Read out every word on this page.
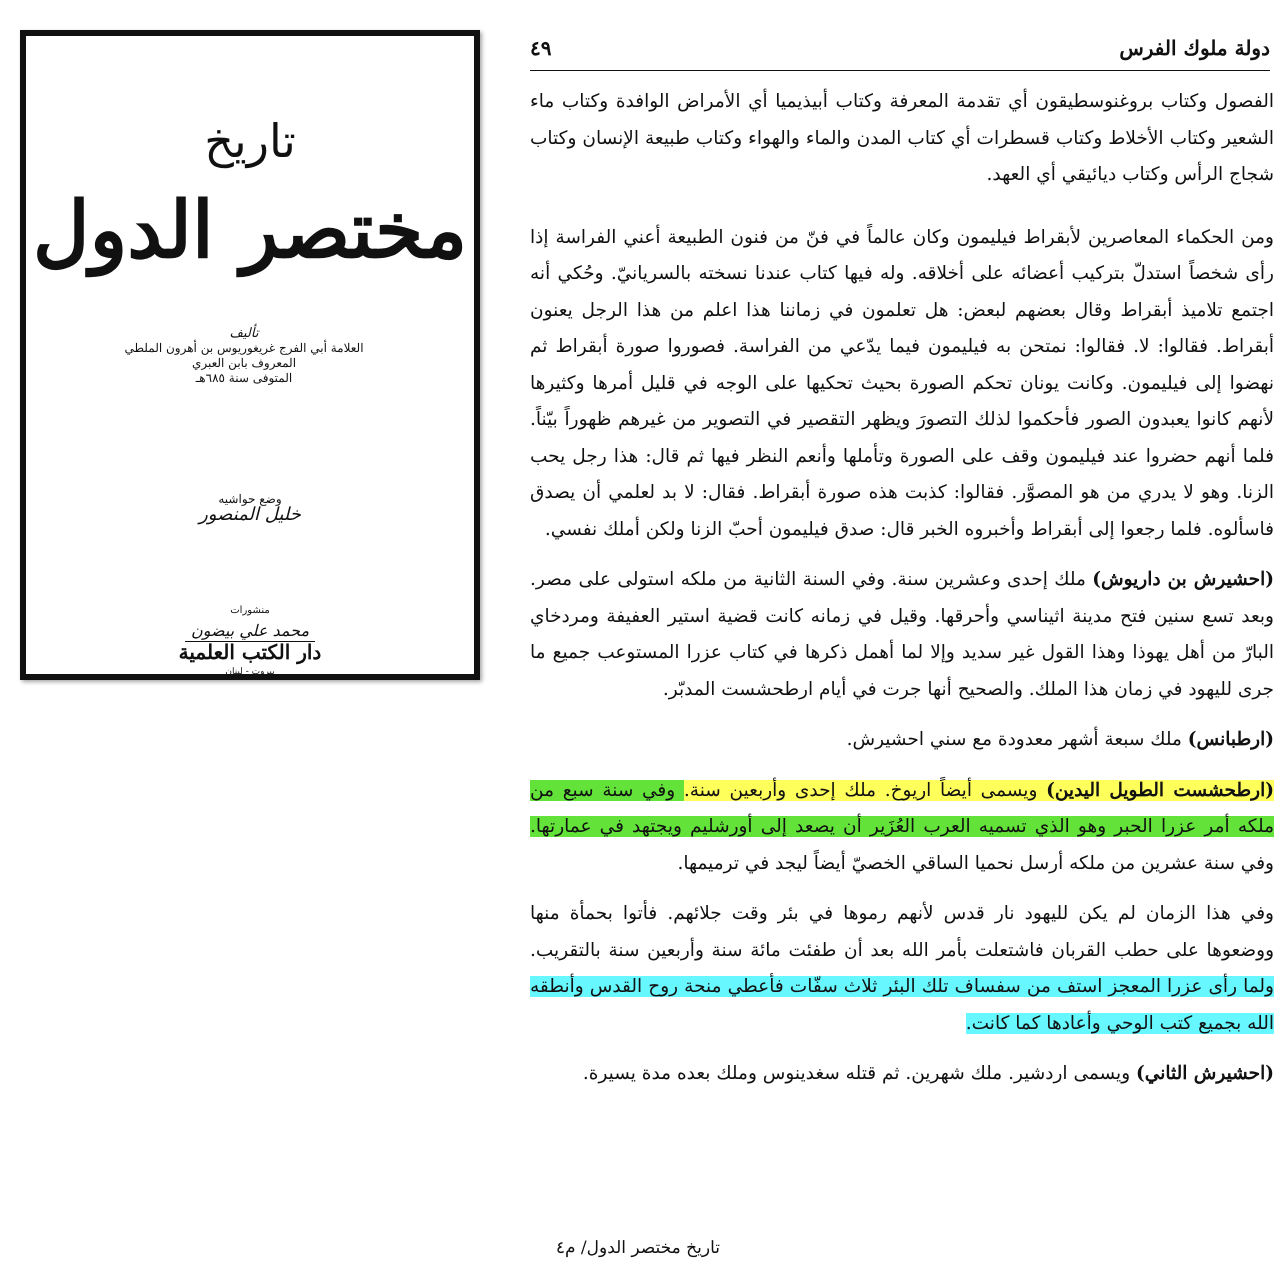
تاريخ
مختصر الدول
تأليف
العلامة أبي الفرج غريغوريوس بن أهرون الملطي
المعروف بابن العبري
المتوفى سنة ٦٨٥هـ
وضع حواشيه
خليل المنصور
منشورات
محمد علي بيضون
دار الكتب العلمية
بيروت - لبنان
دولة ملوك الفرس
٤٩

الفصول وكتاب بروغنوسطيقون أي تقدمة المعرفة وكتاب أبيذيميا أي الأمراض الوافدة وكتاب ماء الشعير وكتاب الأخلاط وكتاب قسطرات أي كتاب المدن والماء والهواء وكتاب طبيعة الإنسان وكتاب شجاج الرأس وكتاب ديائيقي أي العهد.

ومن الحكماء المعاصرين لأبقراط فيليمون وكان عالماً في فنّ من فنون الطبيعة أعني الفراسة إذا رأى شخصاً استدلّ بتركيب أعضائه على أخلاقه. وله فيها كتاب عندنا نسخته بالسريانيّ. وحُكي أنه اجتمع تلاميذ أبقراط وقال بعضهم لبعض: هل تعلمون في زماننا هذا اعلم من هذا الرجل يعنون أبقراط. فقالوا: لا. فقالوا: نمتحن به فيليمون فيما يدّعي من الفراسة. فصوروا صورة أبقراط ثم نهضوا إلى فيليمون. وكانت يونان تحكم الصورة بحيث تحكيها على الوجه في قليل أمرها وكثيرها لأنهم كانوا يعبدون الصور فأحكموا لذلك التصورَ ويظهر التقصير في التصوير من غيرهم ظهوراً بيّناً. فلما أنهم حضروا عند فيليمون وقف على الصورة وتأملها وأنعم النظر فيها ثم قال: هذا رجل يحب الزنا. وهو لا يدري من هو المصوَّر. فقالوا: كذبت هذه صورة أبقراط. فقال: لا بد لعلمي أن يصدق فاسألوه. فلما رجعوا إلى أبقراط وأخبروه الخبر قال: صدق فيليمون أحبّ الزنا ولكن أملك نفسي.

(احشيرش بن داريوش) ملك إحدى وعشرين سنة. وفي السنة الثانية من ملكه استولى على مصر. وبعد تسع سنين فتح مدينة اثيناسي وأحرقها. وقيل في زمانه كانت قضية استير العفيفة ومردخاي البارّ من أهل يهوذا وهذا القول غير سديد وإلا لما أهمل ذكرها في كتاب عزرا المستوعب جميع ما جرى لليهود في زمان هذا الملك. والصحيح أنها جرت في أيام ارطحشست المدبّر.

(ارطبانس) ملك سبعة أشهر معدودة مع سني احشيرش.

(ارطحشست الطويل اليدين) ويسمى أيضاً اريوخ. ملك إحدى وأربعين سنة. وفي سنة سبع من ملكه أمر عزرا الحبر وهو الذي تسميه العرب العُزَير أن يصعد إلى أورشليم ويجتهد في عمارتها. وفي سنة عشرين من ملكه أرسل نحميا الساقي الخصيّ أيضاً ليجد في ترميمها.

وفي هذا الزمان لم يكن لليهود نار قدس لأنهم رموها في بئر وقت جلائهم. فأتوا بحمأة منها ووضعوها على حطب القربان فاشتعلت بأمر الله بعد أن طفئت مائة سنة وأربعين سنة بالتقريب. ولما رأى عزرا المعجز استف من سفساف تلك البئر ثلاث سفّات فأعطي منحة روح القدس وأنطقه الله بجميع كتب الوحي وأعادها كما كانت.

(احشيرش الثاني) ويسمى اردشير. ملك شهرين. ثم قتله سغدينوس وملك بعده مدة يسيرة.

تاريخ مختصر الدول/ م٤
